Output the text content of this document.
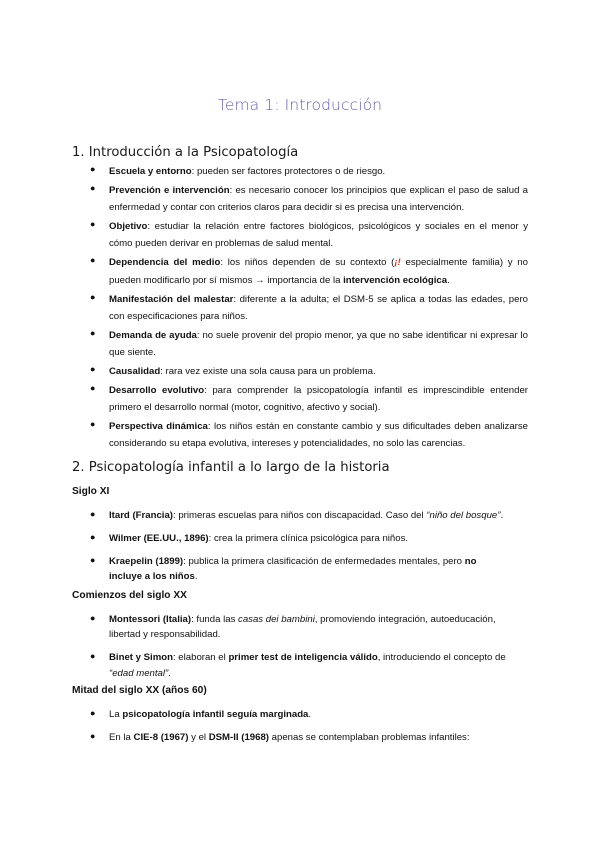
Tema 1: Introducción
1. Introducción a la Psicopatología
● Escuela y entorno: pueden ser factores protectores o de riesgo.
● Prevención e intervención: es necesario conocer los principios que explican el paso de salud a enfermedad y contar con criterios claros para decidir si es precisa una intervención.
● Objetivo: estudiar la relación entre factores biológicos, psicológicos y sociales en el menor y cómo pueden derivar en problemas de salud mental.
● Dependencia del medio: los niños dependen de su contexto (¡! especialmente familia) y no pueden modificarlo por sí mismos → importancia de la intervención ecológica.
● Manifestación del malestar: diferente a la adulta; el DSM-5 se aplica a todas las edades, pero con especificaciones para niños.
● Demanda de ayuda: no suele provenir del propio menor, ya que no sabe identificar ni expresar lo que siente.
● Causalidad: rara vez existe una sola causa para un problema.
● Desarrollo evolutivo: para comprender la psicopatología infantil es imprescindible entender primero el desarrollo normal (motor, cognitivo, afectivo y social).
● Perspectiva dinámica: los niños están en constante cambio y sus dificultades deben analizarse considerando su etapa evolutiva, intereses y potencialidades, no solo las carencias.
2. Psicopatología infantil a lo largo de la historia
Siglo XI
● Itard (Francia): primeras escuelas para niños con discapacidad. Caso del “niño del bosque”.
● Wilmer (EE.UU., 1896): crea la primera clínica psicológica para niños.
● Kraepelin (1899): publica la primera clasificación de enfermedades mentales, pero no incluye a los niños.
Comienzos del siglo XX
● Montessori (Italia): funda las casas dei bambini, promoviendo integración, autoeducación, libertad y responsabilidad.
● Binet y Simon: elaboran el primer test de inteligencia válido, introduciendo el concepto de “edad mental”.
Mitad del siglo XX (años 60)
● La psicopatología infantil seguía marginada.
● En la CIE-8 (1967) y el DSM-II (1968) apenas se contemplaban problemas infantiles:
